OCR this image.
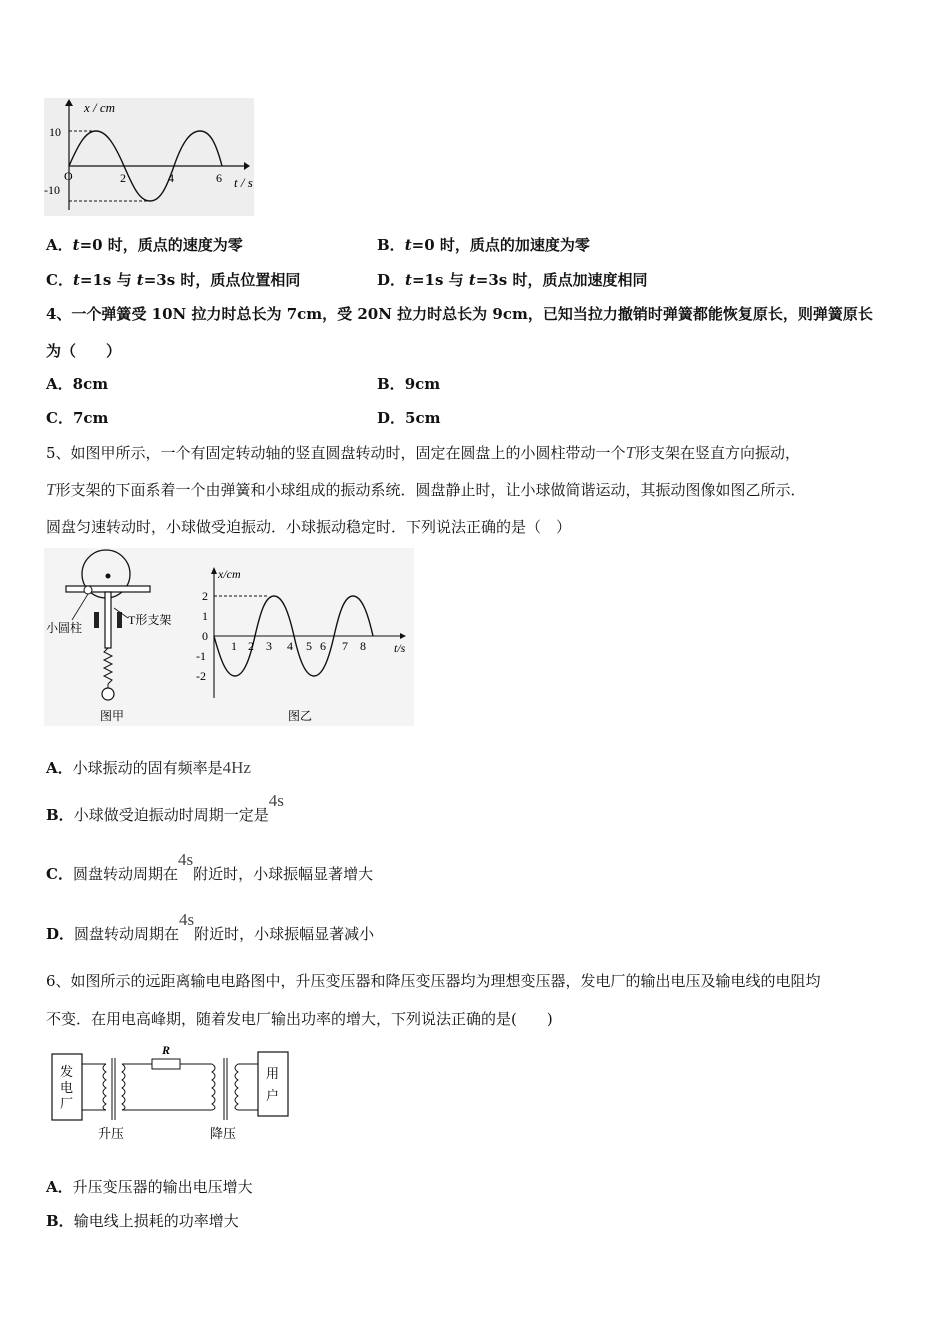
x / cm
t / s
10
-10
O	2	4	6
A．t=0 时，质点的速度为零	B．t=0 时，质点的加速度为零
C．t=1s 与 t=3s 时，质点位置相同	D．t=1s 与 t=3s 时，质点加速度相同
4、一个弹簧受 10N 拉力时总长为 7cm，受 20N 拉力时总长为 9cm，已知当拉力撤销时弹簧都能恢复原长，则弹簧原长
为（　　）
A．8cm	B．9cm
C．7cm	D．5cm
5、如图甲所示，一个有固定转动轴的竖直圆盘转动时，固定在圆盘上的小圆柱带动一个T形支架在竖直方向振动，
T形支架的下面系着一个由弹簧和小球组成的振动系统．圆盘静止时，让小球做简谐运动，其振动图像如图乙所示．
圆盘匀速转动时，小球做受迫振动．小球振动稳定时．下列说法正确的是（　）
小圆柱
T形支架
图甲
x/cm
t/s
2
1
0
-1
-2
1 2 3 4 5 6 7 8
图乙
A．小球振动的固有频率是4Hz
B．小球做受迫振动时周期一定是4s
C．圆盘转动周期在4s附近时，小球振幅显著增大
D．圆盘转动周期在4s附近时，小球振幅显著减小
6、如图所示的远距离输电电路图中，升压变压器和降压变压器均为理想变压器，发电厂的输出电压及输电线的电阻均
不变．在用电高峰期，随着发电厂输出功率的增大，下列说法正确的是(　　)
发
电
厂
R
用
户
升压	降压
A．升压变压器的输出电压增大
B．输电线上损耗的功率增大
